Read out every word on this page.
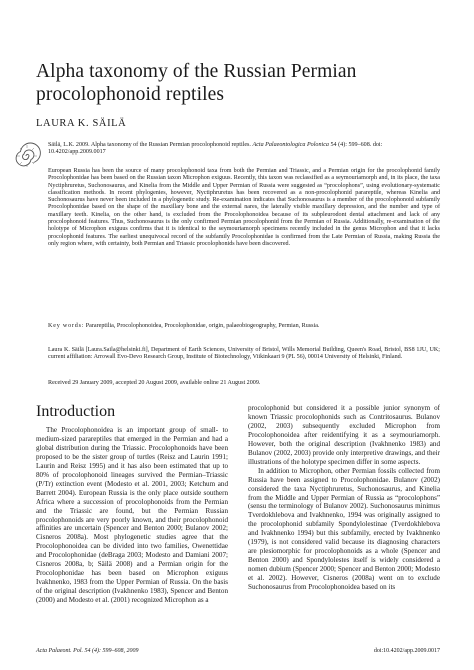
Alpha taxonomy of the Russian Permian
procolophonoid reptiles

LAURA K. SÄILÄ

Säilä, L.K. 2009. Alpha taxonomy of the Russian Permian procolophonoid reptiles. Acta Palaeontologica Polonica 54 (4): 599–608. doi: 10.4202/app.2009.0017

European Russia has been the source of many procolophonoid taxa from both the Permian and Triassic, and a Permian origin for the procolophonid family Procolophonidae has been based on the Russian taxon Microphon exiguus. Recently, this taxon was reclassified as a seymouriamorph and, in its place, the taxa Nyctiphruretus, Suchonosaurus, and Kinelia from the Middle and Upper Permian of Russia were suggested as “procolophons”, using evolutionary-systematic classification methods. In recent phylogenies, however, Nyctiphruretus has been recovered as a non-procolophonid parareptile, whereas Kinelia and Suchonosaurus have never been included in a phylogenetic study. Re-examination indicates that Suchonosaurus is a member of the procolophonoid subfamily Procolophonidae based on the shape of the maxillary bone and the external nares, the laterally visible maxillary depression, and the number and type of maxillary teeth. Kinelia, on the other hand, is excluded from the Procolophonoidea because of its subpleurodont dental attachment and lack of any procolophonoid features. Thus, Suchonosaurus is the only confirmed Permian procolophonid from the Permian of Russia. Additionally, re-examination of the holotype of Microphon exiguus confirms that it is identical to the seymouriamorph specimens recently included in the genus Microphon and that it lacks procolophonid features. The earliest unequivocal record of the subfamily Procolophonidae is confirmed from the Late Permian of Russia, making Russia the only region where, with certainty, both Permian and Triassic procolophonids have been discovered.

Key words: Parareptilia, Procolophonoidea, Procolophonidae, origin, palaeobiogeography, Permian, Russia.

Laura K. Säilä [Laura.Saila@helsinki.fi], Department of Earth Sciences, University of Bristol, Wills Memorial Building, Queen's Road, Bristol, BS8 1JU, UK; current affiliation: Arrowall Evo-Devo Research Group, Institute of Biotechnology, Viikinkaari 9 (PL 56), 00014 University of Helsinki, Finland.

Received 29 January 2009, accepted 20 August 2009, available online 21 August 2009.

Introduction

The Procolophonoidea is an important group of small- to medium-sized parareptiles that emerged in the Permian and had a global distribution during the Triassic. Procolophonoids have been proposed to be the sister group of turtles (Reisz and Laurin 1991; Laurin and Reisz 1995) and it has also been estimated that up to 80% of procolophonoid lineages survived the Permian–Triassic (P/Tr) extinction event (Modesto et al. 2001, 2003; Ketchum and Barrett 2004). European Russia is the only place outside southern Africa where a succession of procolophonoids from the Permian and the Triassic are found, but the Permian Russian procolophonoids are very poorly known, and their procolophonoid affinities are uncertain (Spencer and Benton 2000; Bulanov 2002; Cisneros 2008a). Most phylogenetic studies agree that the Procolophonoidea can be divided into two families, Owenettidae and Procolophonidae (deBraga 2003; Modesto and Damiani 2007; Cisneros 2008a, b; Säilä 2008) and a Permian origin for the Procolophonidae has been based on Microphon exiguus Ivakhnenko, 1983 from the Upper Permian of Russia. On the basis of the original description (Ivakhnenko 1983), Spencer and Benton (2000) and Modesto et al. (2001) recognized Microphon as a

procolophonid but considered it a possible junior synonym of known Triassic procolophonids such as Contritosaurus. Bulanov (2002, 2003) subsequently excluded Microphon from Procolophonoidea after reidentifying it as a seymouriamorph. However, both the original description (Ivakhnenko 1983) and Bulanov (2002, 2003) provide only interpretive drawings, and their illustrations of the holotype specimen differ in some aspects.

In addition to Microphon, other Permian fossils collected from Russia have been assigned to Procolophonidae. Bulanov (2002) considered the taxa Nyctiphruretus, Suchonosaurus, and Kinelia from the Middle and Upper Permian of Russia as “procolophons” (sensu the terminology of Bulanov 2002). Suchonosaurus minimus Tverdokhlebova and Ivakhnenko, 1994 was originally assigned to the procolophonid subfamily Spondylolestinae (Tverdokhlebova and Ivakhnenko 1994) but this subfamily, erected by Ivakhnenko (1979), is not considered valid because its diagnosing characters are plesiomorphic for procolophonoids as a whole (Spencer and Benton 2000) and Spondylolestes itself is widely considered a nomen dubium (Spencer 2000; Spencer and Benton 2000; Modesto et al. 2002). However, Cisneros (2008a) went on to exclude Suchonosaurus from Procolophonoidea based on its

Acta Palaeont. Pol. 54 (4): 599–608, 2009	doi:10.4202/app.2009.0017
